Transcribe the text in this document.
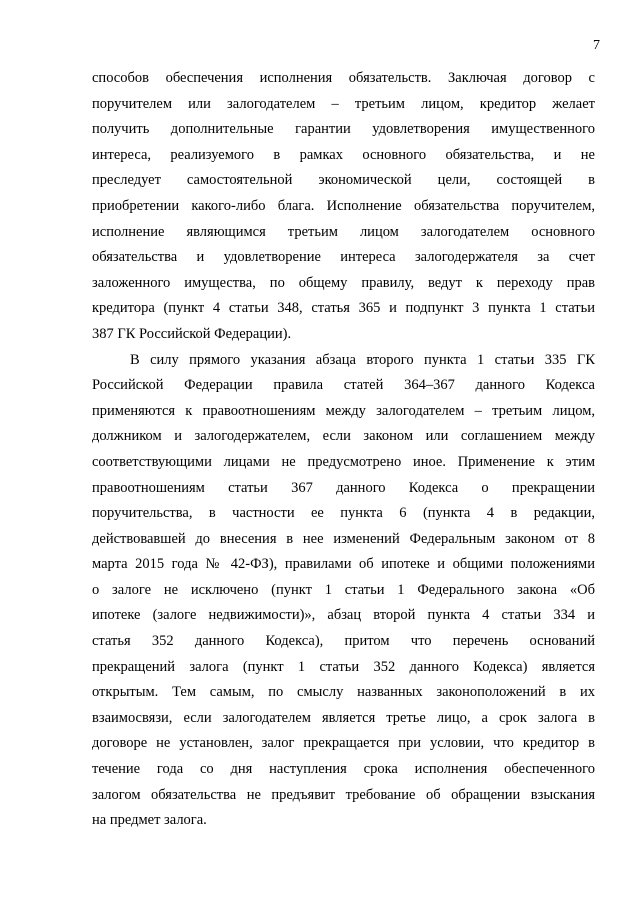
7
способов обеспечения исполнения обязательств. Заключая договор с
поручителем или залогодателем – третьим лицом, кредитор желает
получить дополнительные гарантии удовлетворения имущественного
интереса, реализуемого в рамках основного обязательства, и не
преследует самостоятельной экономической цели, состоящей в
приобретении какого-либо блага. Исполнение обязательства поручителем,
исполнение являющимся третьим лицом залогодателем основного
обязательства и удовлетворение интереса залогодержателя за счет
заложенного имущества, по общему правилу, ведут к переходу прав
кредитора (пункт 4 статьи 348, статья 365 и подпункт 3 пункта 1 статьи
387 ГК Российской Федерации).
В силу прямого указания абзаца второго пункта 1 статьи 335 ГК
Российской Федерации правила статей 364–367 данного Кодекса
применяются к правоотношениям между залогодателем – третьим лицом,
должником и залогодержателем, если законом или соглашением между
соответствующими лицами не предусмотрено иное. Применение к этим
правоотношениям статьи 367 данного Кодекса о прекращении
поручительства, в частности ее пункта 6 (пункта 4 в редакции,
действовавшей до внесения в нее изменений Федеральным законом от 8
марта 2015 года № 42-ФЗ), правилами об ипотеке и общими положениями
о залоге не исключено (пункт 1 статьи 1 Федерального закона «Об
ипотеке (залоге недвижимости)», абзац второй пункта 4 статьи 334 и
статья 352 данного Кодекса), притом что перечень оснований
прекращений залога (пункт 1 статьи 352 данного Кодекса) является
открытым. Тем самым, по смыслу названных законоположений в их
взаимосвязи, если залогодателем является третье лицо, а срок залога в
договоре не установлен, залог прекращается при условии, что кредитор в
течение года со дня наступления срока исполнения обеспеченного
залогом обязательства не предъявит требование об обращении взыскания
на предмет залога.
